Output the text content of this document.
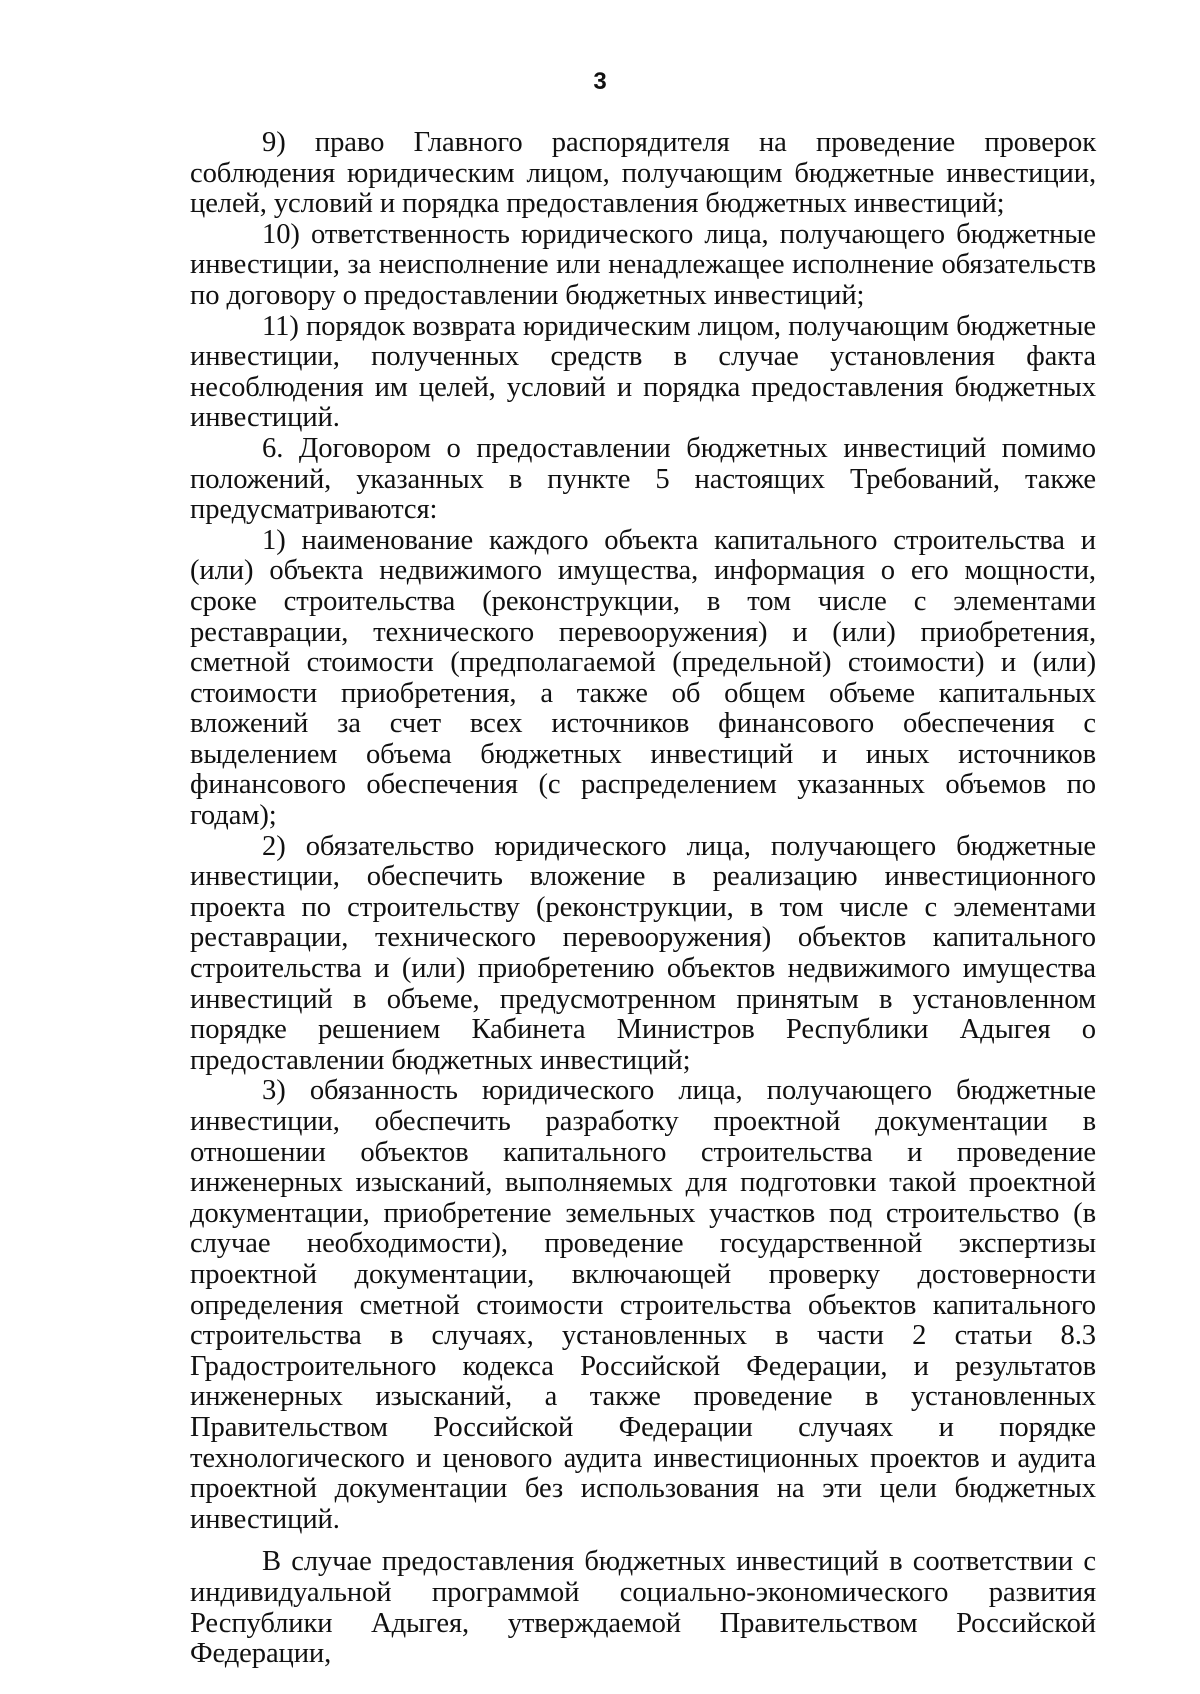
3

9) право Главного распорядителя на проведение проверок соблюдения юридическим лицом, получающим бюджетные инвестиции, целей, условий и порядка предоставления бюджетных инвестиций;

10) ответственность юридического лица, получающего бюджетные инвестиции, за неисполнение или ненадлежащее исполнение обязательств по договору о предоставлении бюджетных инвестиций;

11) порядок возврата юридическим лицом, получающим бюджетные инвестиции, полученных средств в случае установления факта несоблюдения им целей, условий и порядка предоставления бюджетных инвестиций.

6. Договором о предоставлении бюджетных инвестиций помимо положений, указанных в пункте 5 настоящих Требований, также предусматриваются:

1) наименование каждого объекта капитального строительства и (или) объекта недвижимого имущества, информация о его мощности, сроке строительства (реконструкции, в том числе с элементами реставрации, технического перевооружения) и (или) приобретения, сметной стоимости (предполагаемой (предельной) стоимости) и (или) стоимости приобретения, а также об общем объеме капитальных вложений за счет всех источников финансового обеспечения с выделением объема бюджетных инвестиций и иных источников финансового обеспечения (с распределением указанных объемов по годам);

2) обязательство юридического лица, получающего бюджетные инвестиции, обеспечить вложение в реализацию инвестиционного проекта по строительству (реконструкции, в том числе с элементами реставрации, технического перевооружения) объектов капитального строительства и (или) приобретению объектов недвижимого имущества инвестиций в объеме, предусмотренном принятым в установленном порядке решением Кабинета Министров Республики Адыгея о предоставлении бюджетных инвестиций;

3) обязанность юридического лица, получающего бюджетные инвестиции, обеспечить разработку проектной документации в отношении объектов капитального строительства и проведение инженерных изысканий, выполняемых для подготовки такой проектной документации, приобретение земельных участков под строительство (в случае необходимости), проведение государственной экспертизы проектной документации, включающей проверку достоверности определения сметной стоимости строительства объектов капитального строительства в случаях, установленных в части 2 статьи 8.3 Градостроительного кодекса Российской Федерации, и результатов инженерных изысканий, а также проведение в установленных Правительством Российской Федерации случаях и порядке технологического и ценового аудита инвестиционных проектов и аудита проектной документации без использования на эти цели бюджетных инвестиций.

В случае предоставления бюджетных инвестиций в соответствии с индивидуальной программой социально-экономического развития Республики Адыгея, утверждаемой Правительством Российской Федерации,
